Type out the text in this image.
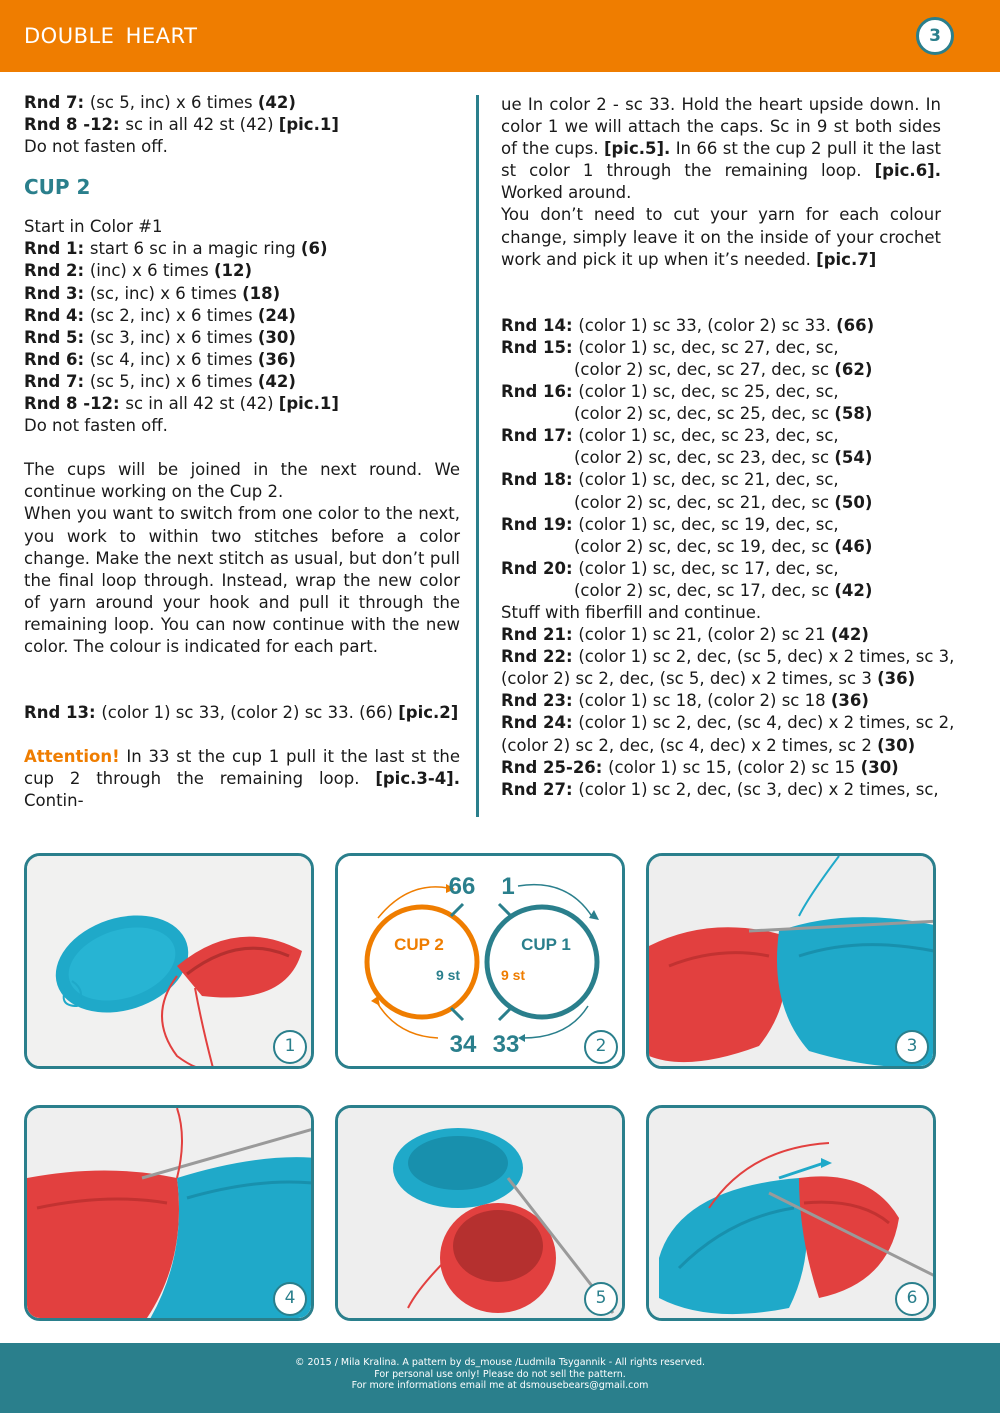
DOUBLE HEART	3
Rnd 7: (sc 5, inc) x 6 times (42)
Rnd 8 -12: sc in all 42 st (42) [pic.1]
Do not fasten off.
CUP 2
Start in Color #1
Rnd 1: start 6 sc in a magic ring (6)
Rnd 2: (inc) x 6 times (12)
Rnd 3: (sc, inc) x 6 times (18)
Rnd 4: (sc 2, inc) x 6 times (24)
Rnd 5: (sc 3, inc) x 6 times (30)
Rnd 6: (sc 4, inc) x 6 times (36)
Rnd 7: (sc 5, inc) x 6 times (42)
Rnd 8 -12: sc in all 42 st (42) [pic.1]
Do not fasten off.
The cups will be joined in the next round. We continue working on the Cup 2.
When you want to switch from one color to the next, you work to within two stitches before a color change. Make the next stitch as usual, but don’t pull the final loop through. Instead, wrap the new color of yarn around your hook and pull it through the remaining loop. You can now continue with the new color. The colour is indicated for each part.
Rnd 13: (color 1) sc 33, (color 2) sc 33. (66) [pic.2]
Attention! In 33 st the cup 1 pull it the last st the cup 2 through the remaining loop. [pic.3-4]. Contin-
ue In color 2 - sc 33. Hold the heart upside down. In color 1 we will attach the caps. Sc in 9 st both sides of the cups. [pic.5]. In 66 st the cup 2 pull it the last st color 1 through the remaining loop. [pic.6]. Worked around.
You don’t need to cut your yarn for each colour change, simply leave it on the inside of your crochet work and pick it up when it’s needed. [pic.7]
Rnd 14: (color 1) sc 33, (color 2) sc 33. (66)
Rnd 15: (color 1) sc, dec, sc 27, dec, sc,
(color 2) sc, dec, sc 27, dec, sc (62)
Rnd 16: (color 1) sc, dec, sc 25, dec, sc,
(color 2) sc, dec, sc 25, dec, sc (58)
Rnd 17: (color 1) sc, dec, sc 23, dec, sc,
(color 2) sc, dec, sc 23, dec, sc (54)
Rnd 18: (color 1) sc, dec, sc 21, dec, sc,
(color 2) sc, dec, sc 21, dec, sc (50)
Rnd 19: (color 1) sc, dec, sc 19, dec, sc,
(color 2) sc, dec, sc 19, dec, sc (46)
Rnd 20: (color 1) sc, dec, sc 17, dec, sc,
(color 2) sc, dec, sc 17, dec, sc (42)
Stuff with fiberfill and continue.
Rnd 21: (color 1) sc 21, (color 2) sc 21 (42)
Rnd 22: (color 1) sc 2, dec, (sc 5, dec) x 2 times, sc 3,
(color 2) sc 2, dec, (sc 5, dec) x 2 times, sc 3 (36)
Rnd 23: (color 1) sc 18, (color 2) sc 18 (36)
Rnd 24: (color 1) sc 2, dec, (sc 4, dec) x 2 times, sc 2,
(color 2) sc 2, dec, (sc 4, dec) x 2 times, sc 2 (30)
Rnd 25-26: (color 1) sc 15, (color 2) sc 15 (30)
Rnd 27: (color 1) sc 2, dec, (sc 3, dec) x 2 times, sc,
1
CUP 2	CUP 1
9 st	9 st
66 1
34 33	2	3
4	5	6
© 2015 / Mila Kralina. A pattern by ds_mouse /Ludmila Tsygannik - All rights reserved.
For personal use only! Please do not sell the pattern.
For more informations email me at dsmousebears@gmail.com
